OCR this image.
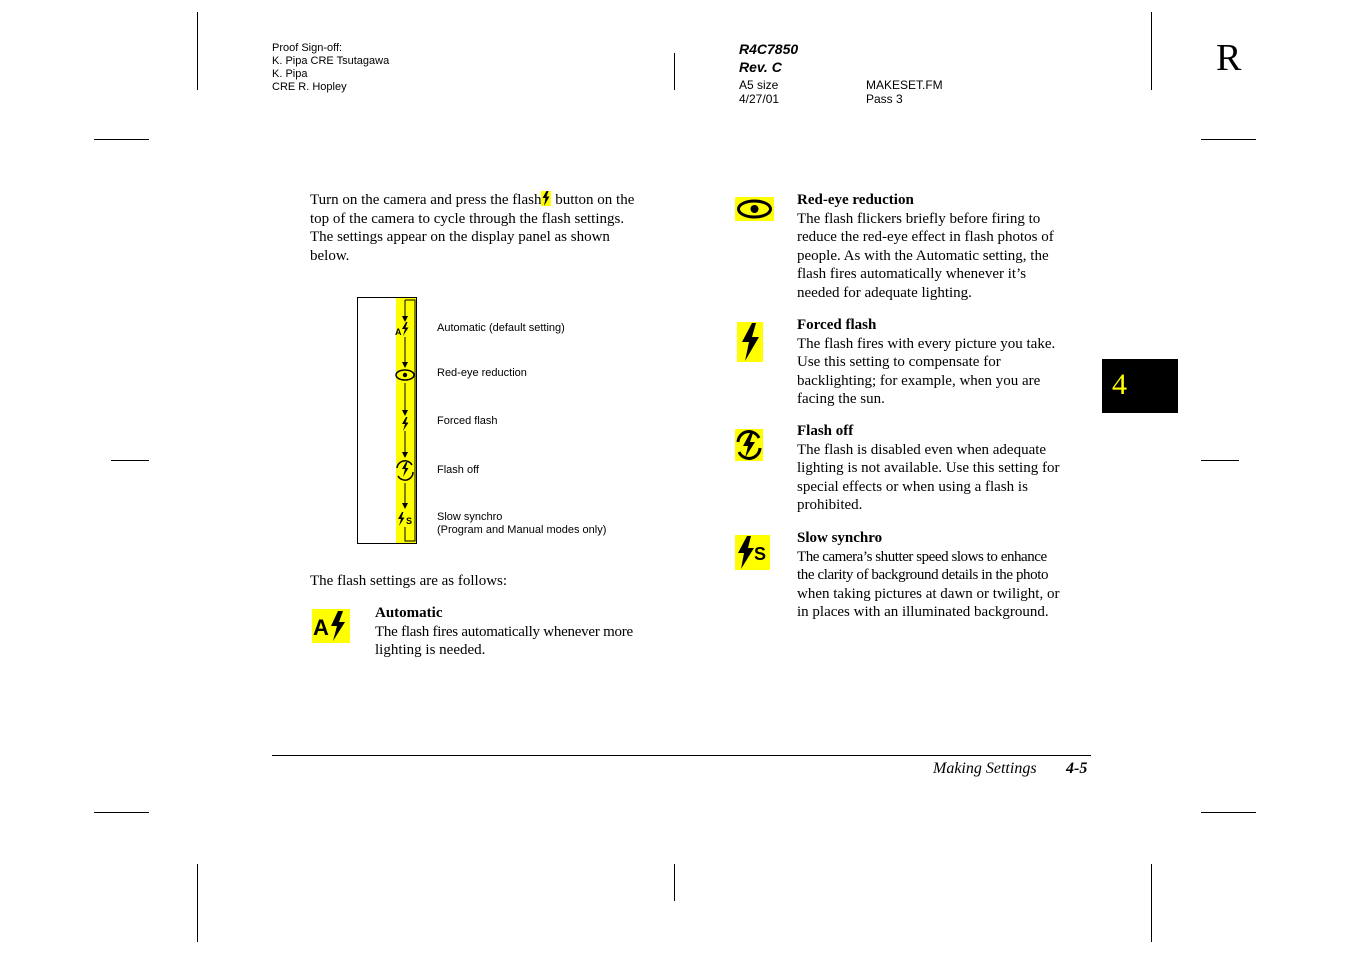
Proof Sign-off:
K. Pipa CRE Tsutagawa
K. Pipa
CRE R. Hopley
R4C7850
Rev. C
A5 size
4/27/01
MAKESET.FM
Pass 3
R
4
Turn on the camera and press the flash button on the
top of the camera to cycle through the flash settings.
The settings appear on the display panel as shown
below.
A
S
Automatic (default setting)
Red-eye reduction
Forced flash
Flash off
Slow synchro
(Program and Manual modes only)
The flash settings are as follows:
A
Automatic
The flash fires automatically whenever more
lighting is needed.
Red-eye reduction
The flash flickers briefly before firing to
reduce the red-eye effect in flash photos of
people. As with the Automatic setting, the
flash fires automatically whenever it’s
needed for adequate lighting.
Forced flash
The flash fires with every picture you take.
Use this setting to compensate for
backlighting; for example, when you are
facing the sun.
Flash off
The flash is disabled even when adequate
lighting is not available. Use this setting for
special effects or when using a flash is
prohibited.
S
Slow synchro
The camera’s shutter speed slows to enhance
the clarity of background details in the photo
when taking pictures at dawn or twilight, or
in places with an illuminated background.
Making Settings 4-5
